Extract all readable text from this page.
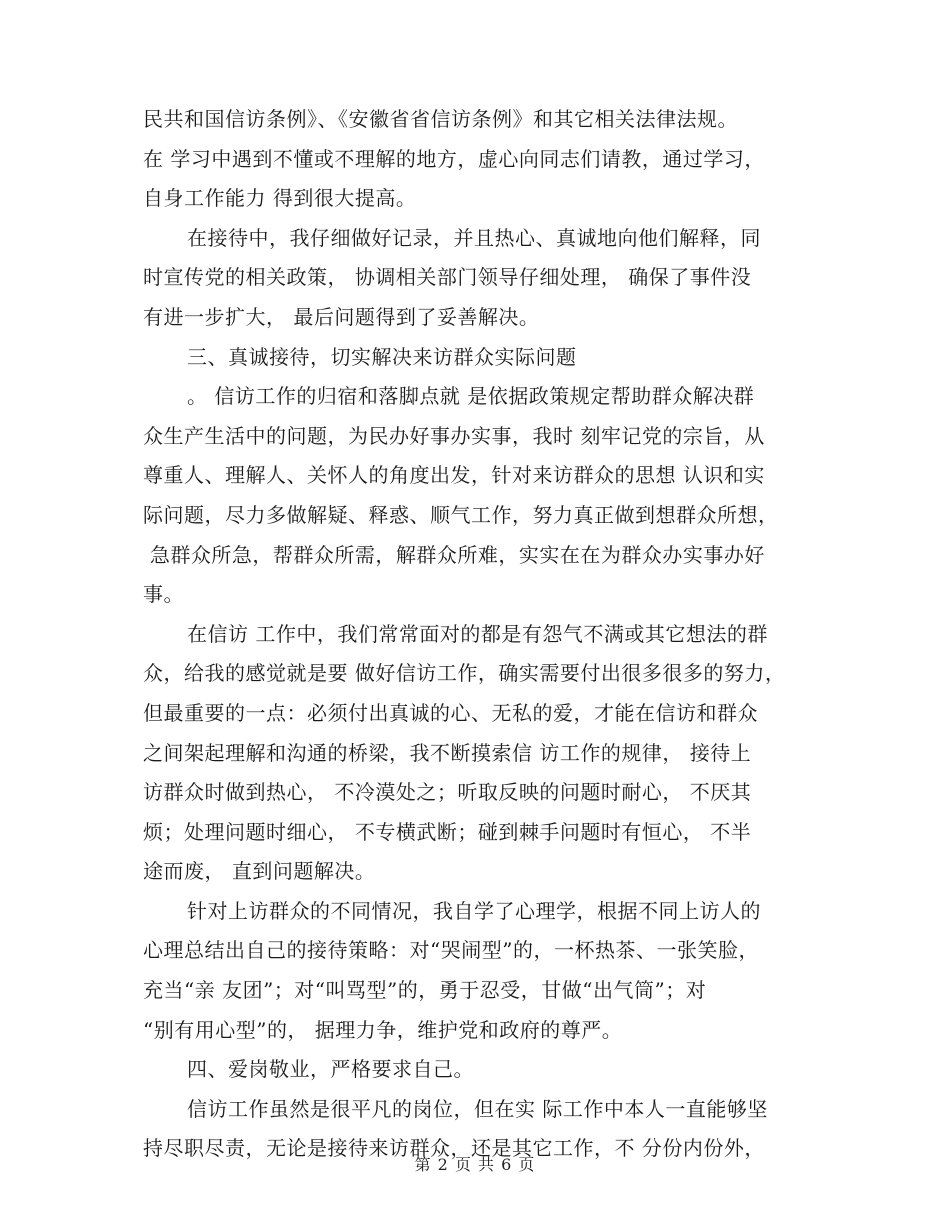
民共和国信访条例》、《安徽省省信访条例》和其它相关法律法规。
在 学习中遇到不懂或不理解的地方，虚心向同志们请教，通过学习，
自身工作能力 得到很大提高。
在接待中，我仔细做好记录，并且热心、真诚地向他们解释，同
时宣传党的相关政策， 协调相关部门领导仔细处理， 确保了事件没
有进一步扩大， 最后问题得到了妥善解决。
三、真诚接待，切实解决来访群众实际问题
。 信访工作的归宿和落脚点就 是依据政策规定帮助群众解决群
众生产生活中的问题，为民办好事办实事，我时 刻牢记党的宗旨，从
尊重人、理解人、关怀人的角度出发，针对来访群众的思想 认识和实
际问题，尽力多做解疑、释惑、顺气工作，努力真正做到想群众所想，
急群众所急，帮群众所需，解群众所难，实实在在为群众办实事办好
事。
在信访 工作中，我们常常面对的都是有怨气不满或其它想法的群
众，给我的感觉就是要 做好信访工作，确实需要付出很多很多的努力，
但最重要的一点：必须付出真诚的心、无私的爱，才能在信访和群众
之间架起理解和沟通的桥梁，我不断摸索信 访工作的规律， 接待上
访群众时做到热心， 不冷漠处之；听取反映的问题时耐心， 不厌其
烦；处理问题时细心， 不专横武断；碰到棘手问题时有恒心， 不半
途而废， 直到问题解决。
针对上访群众的不同情况，我自学了心理学，根据不同上访人的
心理总结出自己的接待策略：对“哭闹型”的，一杯热茶、一张笑脸，
充当“亲 友团”；对“叫骂型”的，勇于忍受，甘做“出气筒”；对
“别有用心型”的， 据理力争，维护党和政府的尊严。
四、爱岗敬业，严格要求自己。
信访工作虽然是很平凡的岗位，但在实 际工作中本人一直能够坚
持尽职尽责，无论是接待来访群众，还是其它工作，不 分份内份外，
第 2 页 共 6 页
